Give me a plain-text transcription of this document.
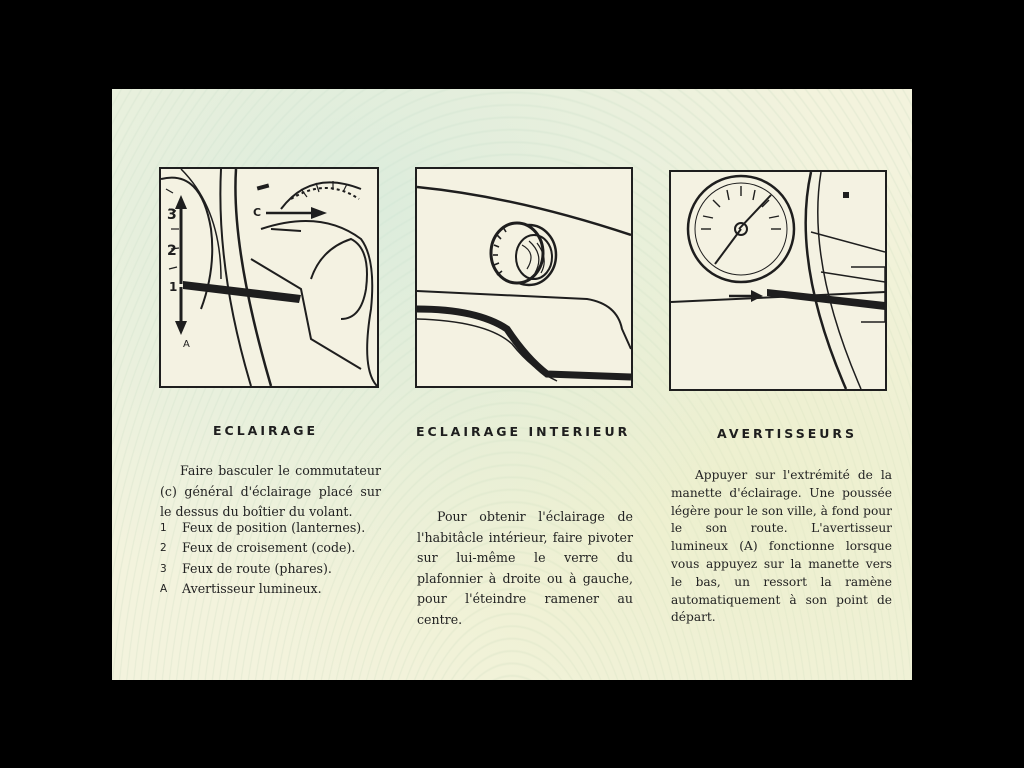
3
2
1
C
A
ECLAIRAGE	ECLAIRAGE INTERIEUR	AVERTISSEURS
Faire basculer le commutateur (c) général d'éclairage placé sur le dessus du boîtier du volant.
1	Feux de position (lanternes).
2	Feux de croisement (code).
3	Feux de route (phares).
A	Avertisseur lumineux.
Pour obtenir l'éclairage de l'habitâcle intérieur, faire pivoter sur lui-même le verre du plafonnier à droite ou à gauche, pour l'éteindre ramener au centre.
Appuyer sur l'extrémité de la manette d'éclairage. Une poussée légère pour le son ville, à fond pour le son route. L'avertisseur lumineux (A) fonctionne lorsque vous appuyez sur la manette vers le bas, un ressort la ramène automatiquement à son point de départ.
